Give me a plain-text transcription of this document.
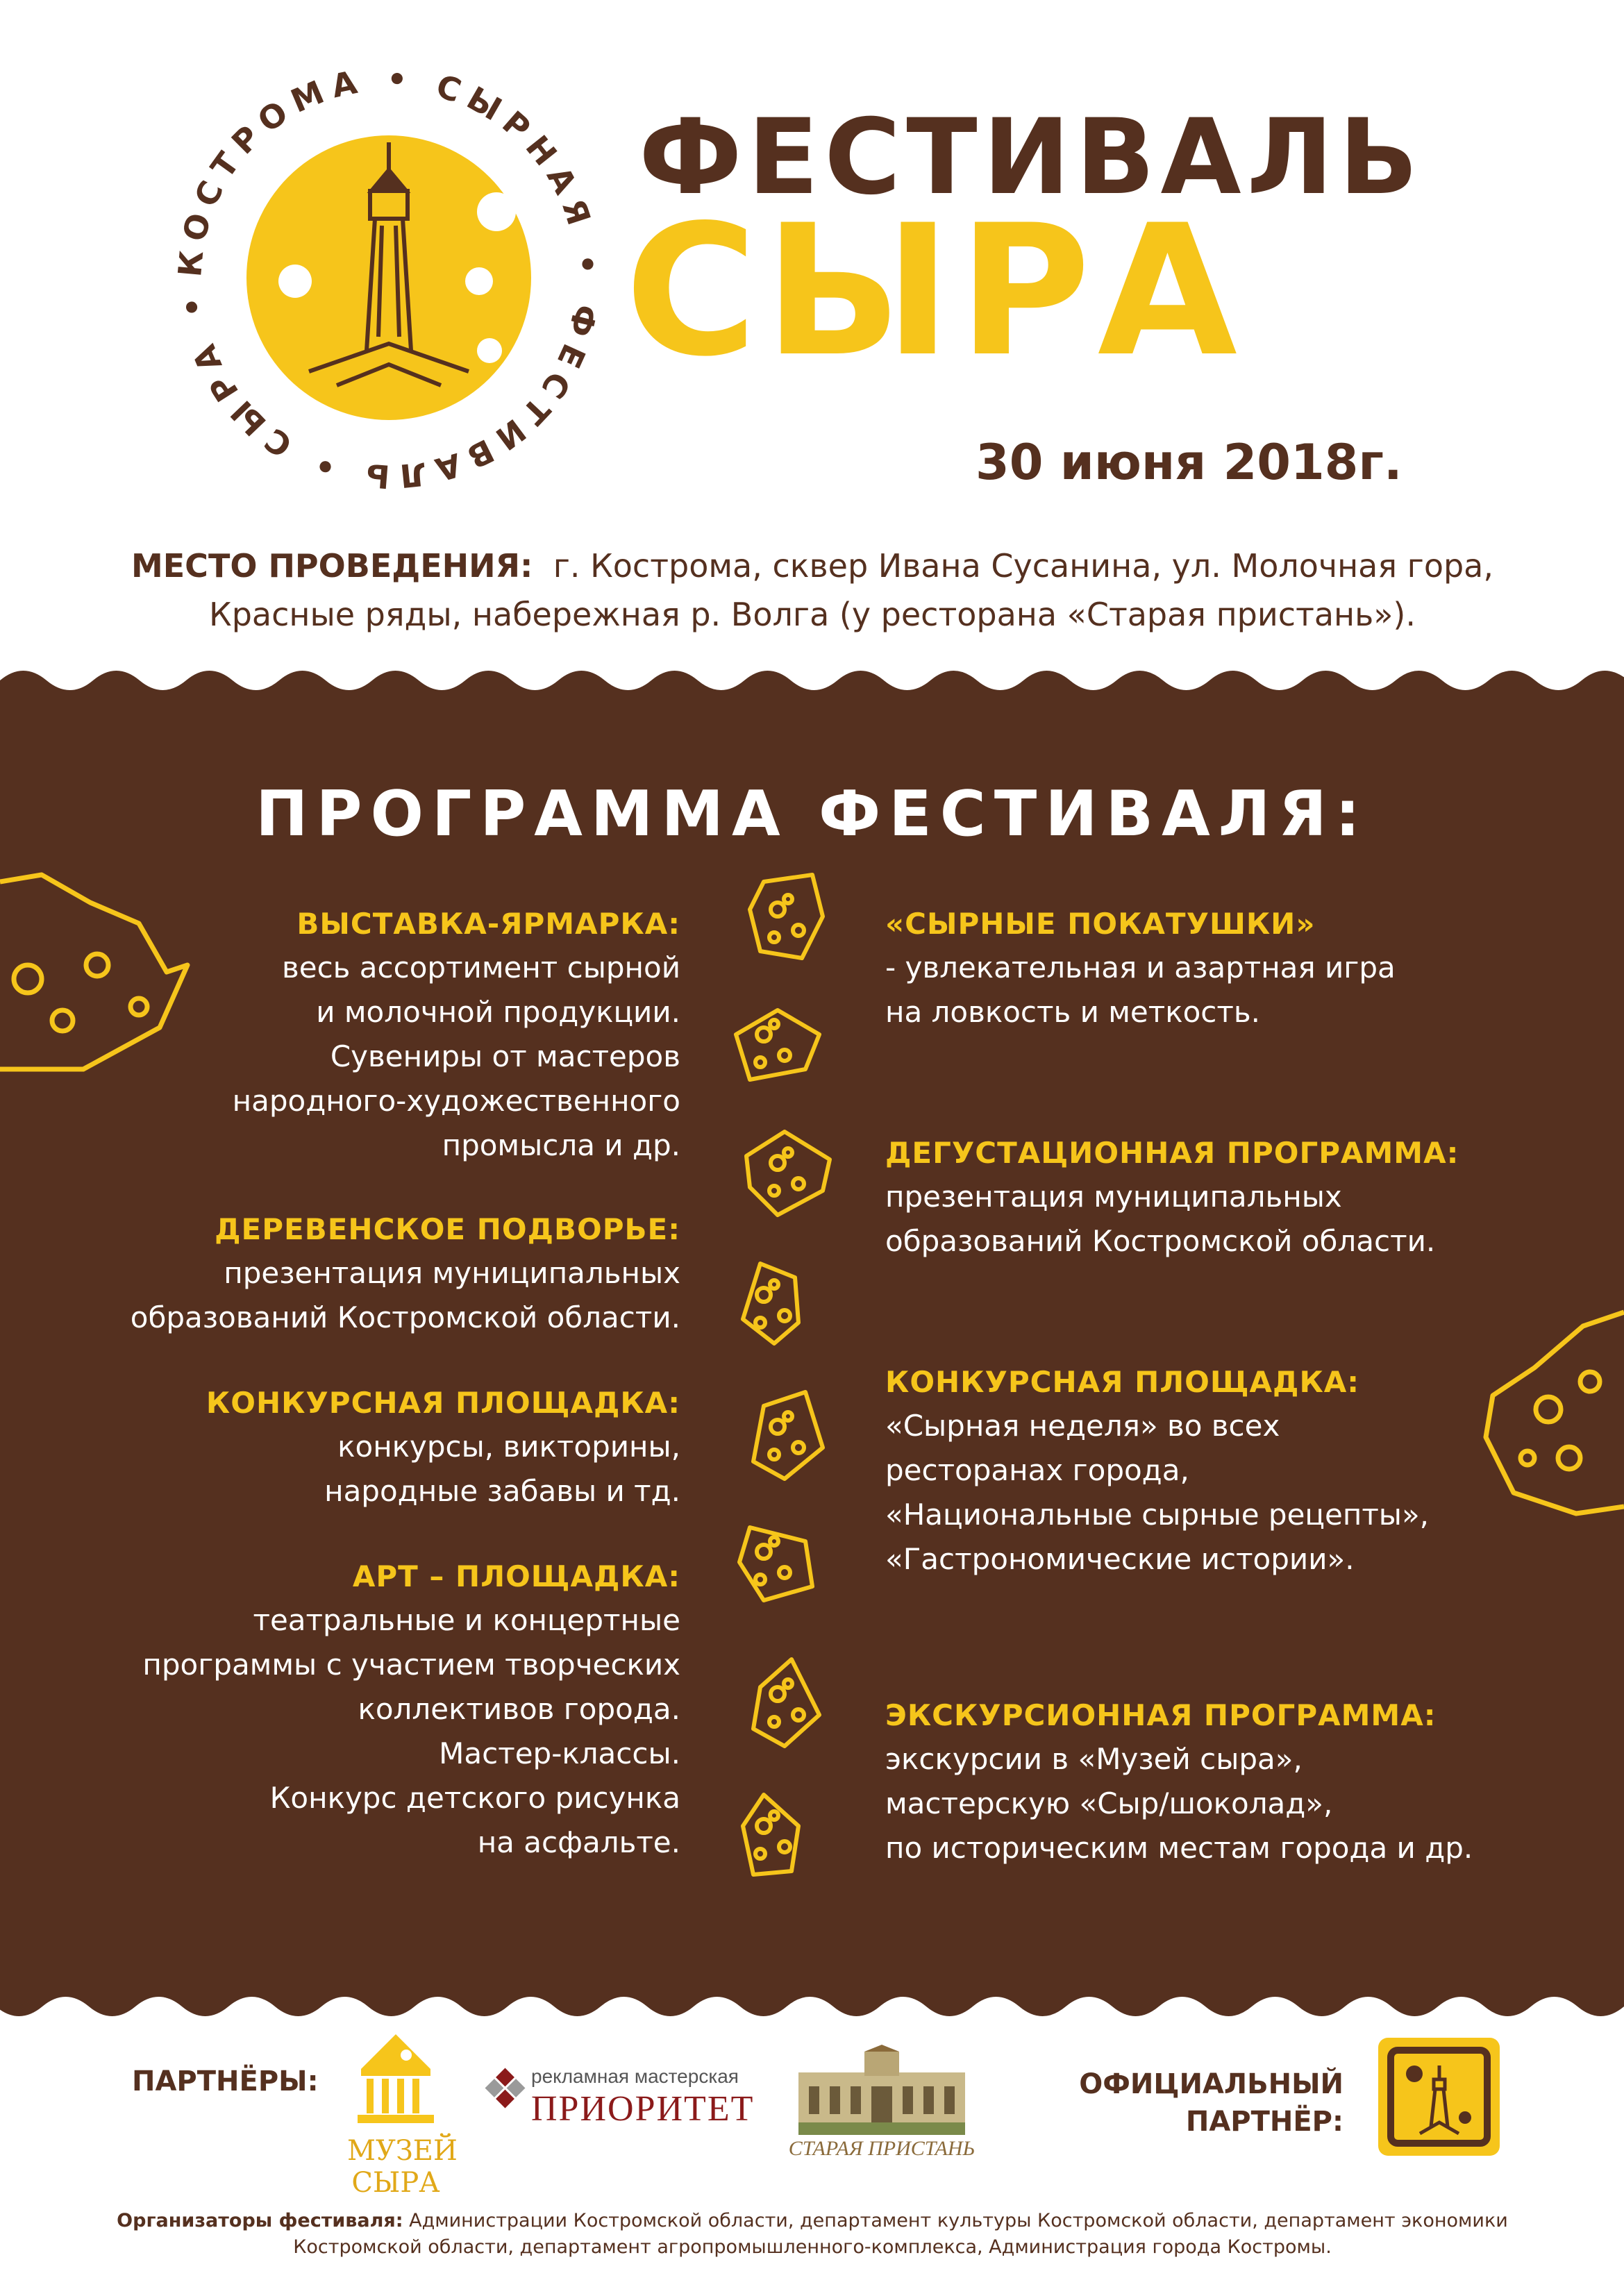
КОСТРОМА • СЫРНАЯ • ФЕСТИВАЛЬ • СЫРА •
ФЕСТИВАЛЬ
СЫРА
30 июня 2018г.
МЕСТО ПРОВЕДЕНИЯ: г. Кострома, сквер Ивана Сусанина, ул. Молочная гора,
Красные ряды, набережная р. Волга (у ресторана «Старая пристань»).
ПРОГРАММА ФЕСТИВАЛЯ:
ВЫСТАВКА-ЯРМАРКА:
весь ассортимент сырной
и молочной продукции.
Сувениры от мастеров
народного-художественного
промысла и др.
ДЕРЕВЕНСКОЕ ПОДВОРЬЕ:
презентация муниципальных
образований Костромской области.
КОНКУРСНАЯ ПЛОЩАДКА:
конкурсы, викторины,
народные забавы и тд.
АРТ – ПЛОЩАДКА:
театральные и концертные
программы с участием творческих
коллективов города.
Мастер-классы.
Конкурс детского рисунка
на асфальте.
«СЫРНЫЕ ПОКАТУШКИ»
- увлекательная и азартная игра
на ловкость и меткость.
ДЕГУСТАЦИОННАЯ ПРОГРАММА:
презентация муниципальных
образований Костромской области.
КОНКУРСНАЯ ПЛОЩАДКА:
«Сырная неделя» во всех
ресторанах города,
«Национальные сырные рецепты»,
«Гастрономические истории».
ЭКСКУРСИОННАЯ ПРОГРАММА:
экскурсии в «Музей сыра»,
мастерскую «Сыр/шоколад»,
по историческим местам города и др.
ПАРТНЁРЫ:
МУЗЕЙ СЫРА
рекламная мастерская
ПРИОРИТЕТ
СТАРАЯ ПРИСТАНЬ
ОФИЦИАЛЬНЫЙ ПАРТНЁР:
Организаторы фестиваля: Администрации Костромской области, департамент культуры Костромской области, департамент экономики Костромской области, департамент агропромышленного-комплекса, Администрация города Костромы.
